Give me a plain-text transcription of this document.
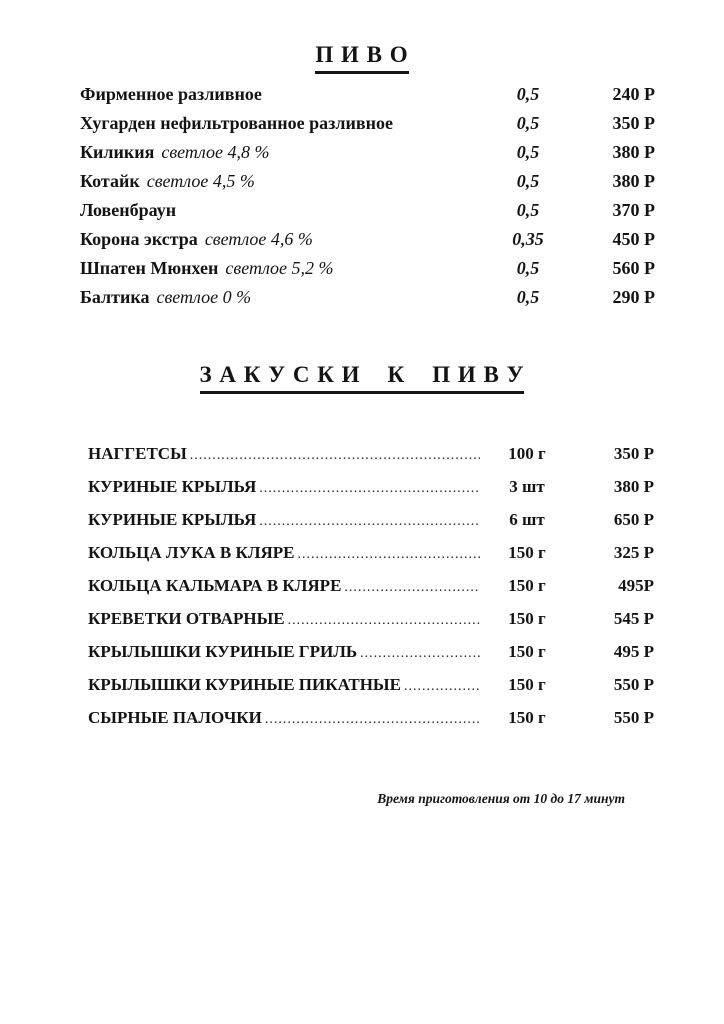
П И В О
Фирменное разливное	0,5	240 Р
Хугарден нефильтрованное разливное	0,5	350 Р
Киликия светлое 4,8 %	0,5	380 Р
Котайк светлое 4,5 %	0,5	380 Р
Ловенбраун	0,5	370 Р
Корона экстра светлое 4,6 %	0,35	450 Р
Шпатен Мюнхен светлое 5,2 %	0,5	560 Р
Балтика светлое 0 %	0,5	290 Р
З А К У С К И    К    П И В У
НАГГЕТСЫ .....	100 г	350 Р
КУРИНЫЕ КРЫЛЬЯ .....	3 шт	380 Р
КУРИНЫЕ КРЫЛЬЯ .....	6 шт	650 Р
КОЛЬЦА ЛУКА В КЛЯРЕ .....	150 г	325 Р
КОЛЬЦА КАЛЬМАРА В КЛЯРЕ .....	150 г	495Р
КРЕВЕТКИ ОТВАРНЫЕ .....	150 г	545 Р
КРЫЛЫШКИ КУРИНЫЕ ГРИЛЬ .....	150 г	495 Р
КРЫЛЫШКИ КУРИНЫЕ ПИКАТНЫЕ .....	150 г	550 Р
СЫРНЫЕ ПАЛОЧКИ .....	150 г	550 Р
Время приготовления от 10 до 17 минут
